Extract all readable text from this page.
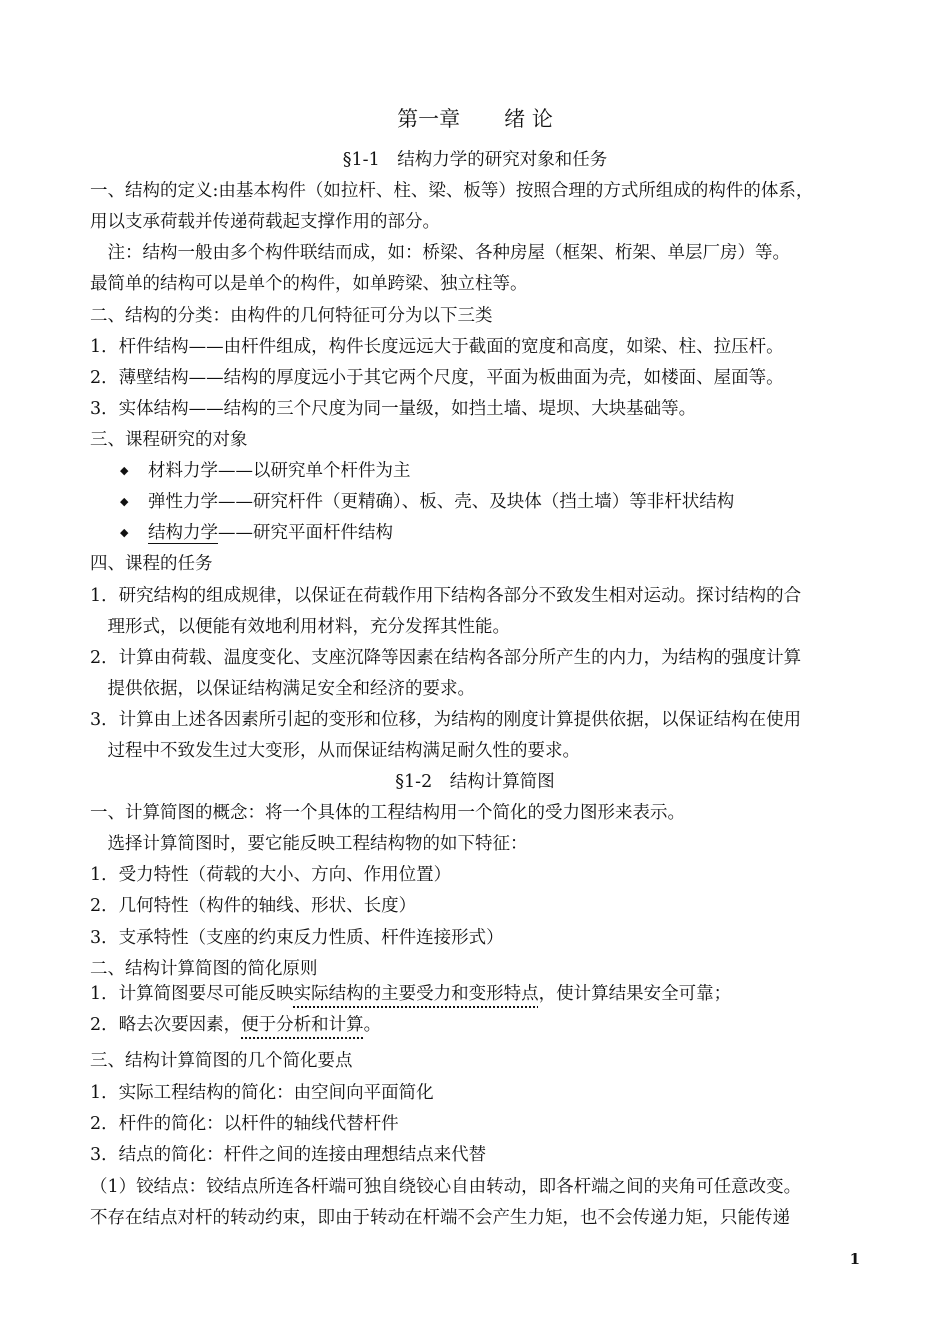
第一章 绪 论
§1-1　结构力学的研究对象和任务
一、结构的定义:由基本构件（如拉杆、柱、梁、板等）按照合理的方式所组成的构件的体系，
用以支承荷载并传递荷载起支撑作用的部分。
　注：结构一般由多个构件联结而成，如：桥梁、各种房屋（框架、桁架、单层厂房）等。
最简单的结构可以是单个的构件，如单跨梁、独立柱等。
二、结构的分类：由构件的几何特征可分为以下三类
1．杆件结构——由杆件组成，构件长度远远大于截面的宽度和高度，如梁、柱、拉压杆。
2．薄壁结构——结构的厚度远小于其它两个尺度，平面为板曲面为壳，如楼面、屋面等。
3．实体结构——结构的三个尺度为同一量级，如挡土墙、堤坝、大块基础等。
三、课程研究的对象
◆ 材料力学——以研究单个杆件为主
◆ 弹性力学——研究杆件（更精确）、板、壳、及块体（挡土墙）等非杆状结构
◆ 结构力学——研究平面杆件结构
四、课程的任务
1．研究结构的组成规律，以保证在荷载作用下结构各部分不致发生相对运动。探讨结构的合
　理形式，以便能有效地利用材料，充分发挥其性能。
2．计算由荷载、温度变化、支座沉降等因素在结构各部分所产生的内力，为结构的强度计算
　提供依据，以保证结构满足安全和经济的要求。
3．计算由上述各因素所引起的变形和位移，为结构的刚度计算提供依据，以保证结构在使用
　过程中不致发生过大变形，从而保证结构满足耐久性的要求。
§1-2　结构计算简图
一、计算简图的概念：将一个具体的工程结构用一个简化的受力图形来表示。
　选择计算简图时，要它能反映工程结构物的如下特征：
1．受力特性（荷载的大小、方向、作用位置）
2．几何特性（构件的轴线、形状、长度）
3．支承特性（支座的约束反力性质、杆件连接形式）
二、结构计算简图的简化原则
1．计算简图要尽可能反映实际结构的主要受力和变形特点，使计算结果安全可靠；
2．略去次要因素，便于分析和计算。
三、结构计算简图的几个简化要点
1．实际工程结构的简化：由空间向平面简化
2．杆件的简化：以杆件的轴线代替杆件
3．结点的简化：杆件之间的连接由理想结点来代替
（1）铰结点：铰结点所连各杆端可独自绕铰心自由转动，即各杆端之间的夹角可任意改变。
不存在结点对杆的转动约束，即由于转动在杆端不会产生力矩，也不会传递力矩，只能传递
1
